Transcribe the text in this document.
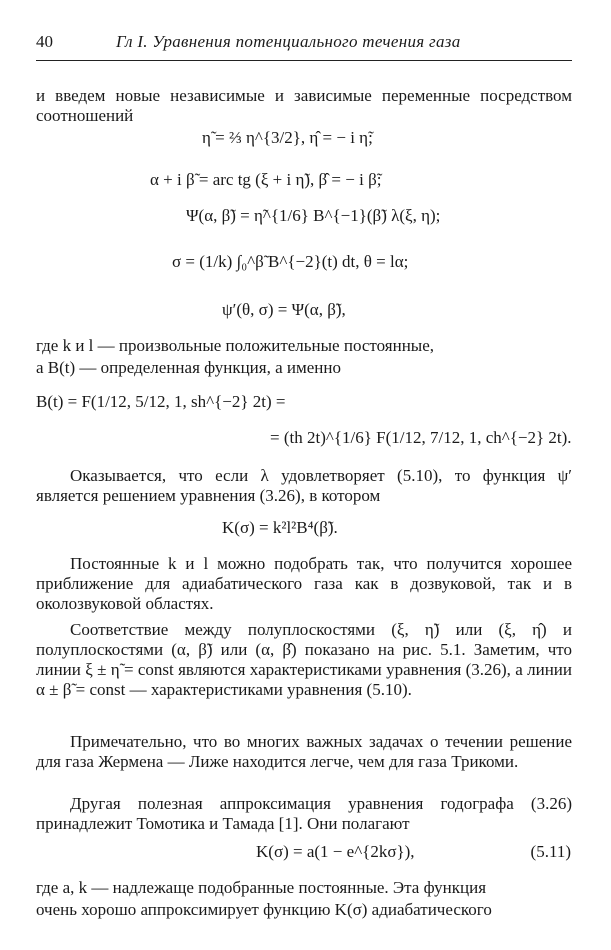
40	Гл I. Уравнения потенциального течения газа
и введем новые независимые и зависимые переменные посредством соотношений
η̃ = ⅔ η^{3/2}, η̂ = − i η̃;
α + i β̃ = arc tg (ξ + i η̃), β̂ = − i β̃;
Ψ(α, β̃) = η̃^{1/6} B^{−1}(β̃) λ(ξ, η);
σ = (1/k) ∫₀^β̃ B^{−2}(t) dt, θ = lα;
ψ′(θ, σ) = Ψ(α, β̃),
где k и l — произвольные положительные постоянные,
а B(t) — определенная функция, а именно
B(t) = F(1/12, 5/12, 1, sh^{−2} 2t) =
= (th 2t)^{1/6} F(1/12, 7/12, 1, ch^{−2} 2t).
Оказывается, что если λ удовлетворяет (5.10), то функция ψ′ является решением уравнения (3.26), в котором
K(σ) = k²l²B⁴(β̃).
Постоянные k и l можно подобрать так, что получится хорошее приближение для адиабатического газа как в дозвуковой, так и в околозвуковой областях.
Соответствие между полуплоскостями (ξ, η̃) или (ξ, η̂) и полуплоскостями (α, β̃) или (α, β̂) показано на рис. 5.1. Заметим, что линии ξ ± η̃ = const являются характеристиками уравнения (3.26), а линии α ± β̃ = const — характеристиками уравнения (5.10).
Примечательно, что во многих важных задачах о течении решение для газа Жермена — Лиже находится легче, чем для газа Трикоми.
Другая полезная аппроксимация уравнения годографа (3.26) принадлежит Томотика и Тамада [1]. Они полагают
K(σ) = a(1 − e^{2kσ}),	(5.11)
где a, k — надлежаще подобранные постоянные. Эта функция
очень хорошо аппроксимирует функцию K(σ) адиабатического
